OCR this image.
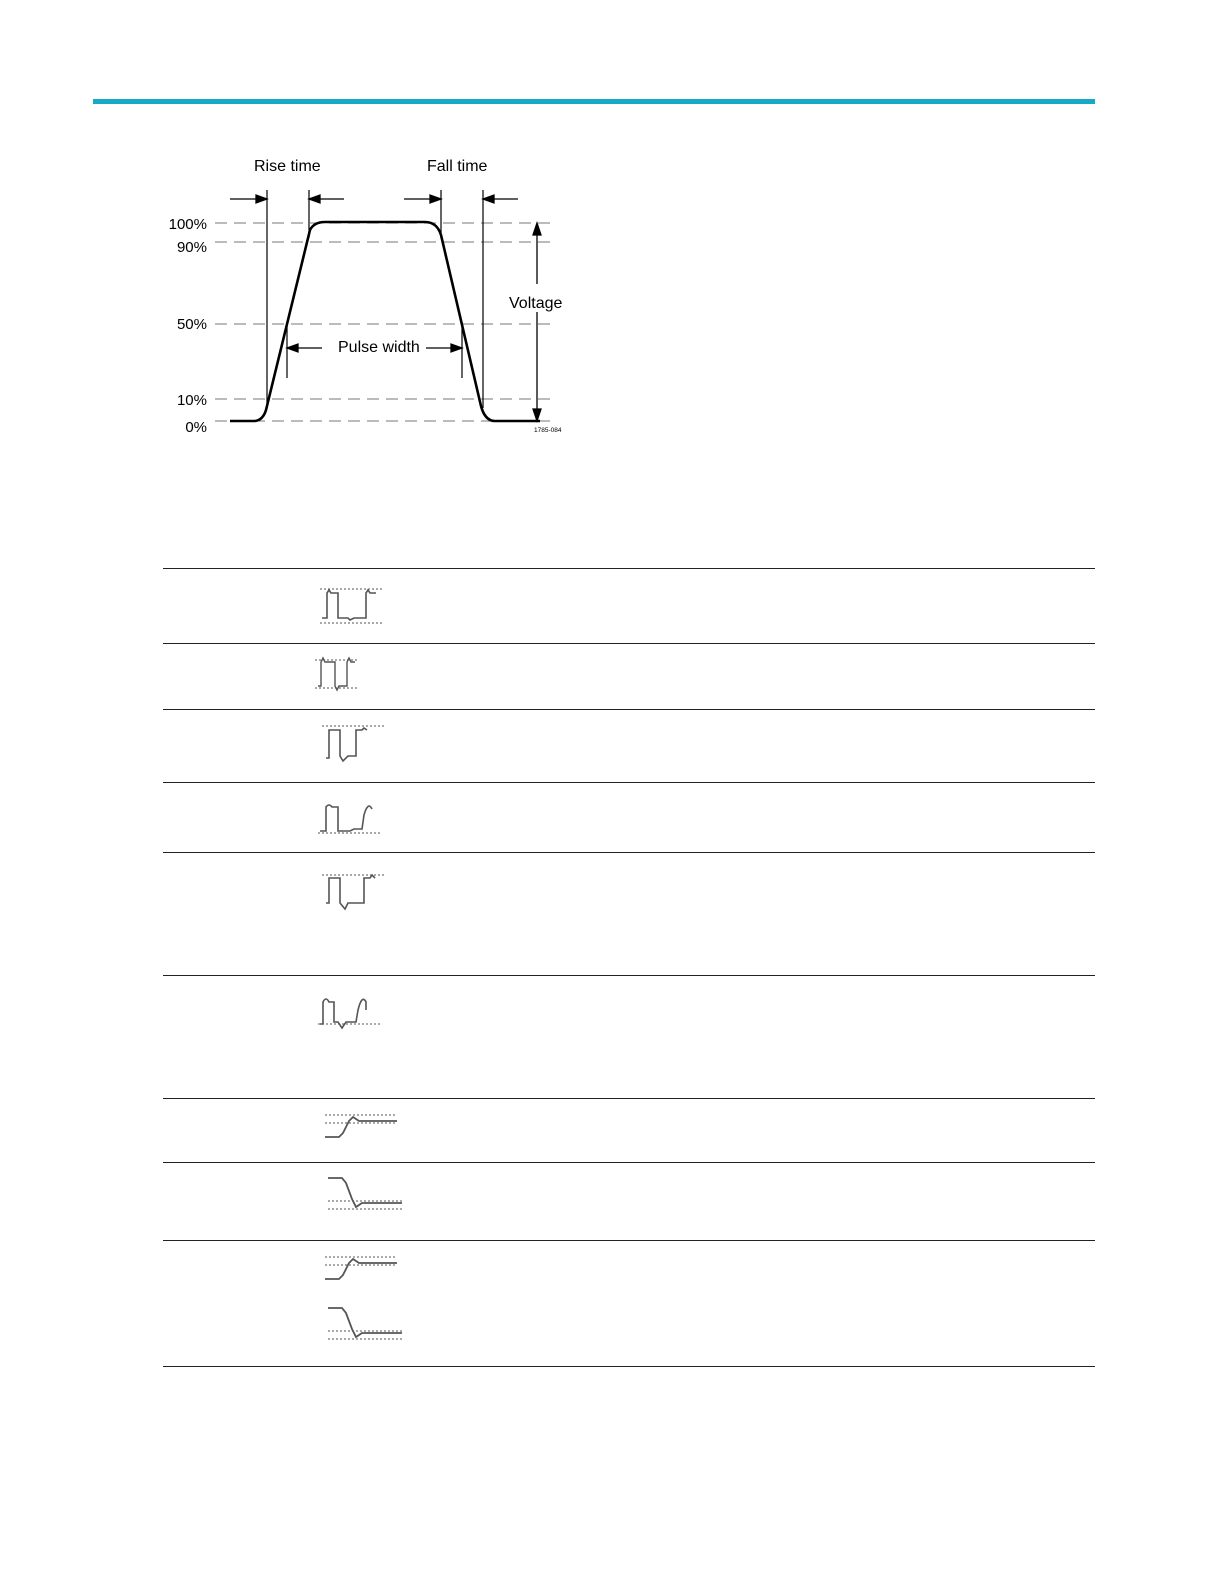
Rise time	Fall time
Voltage
Pulse width
100%
90%
50%
10%
0%	1785-084
